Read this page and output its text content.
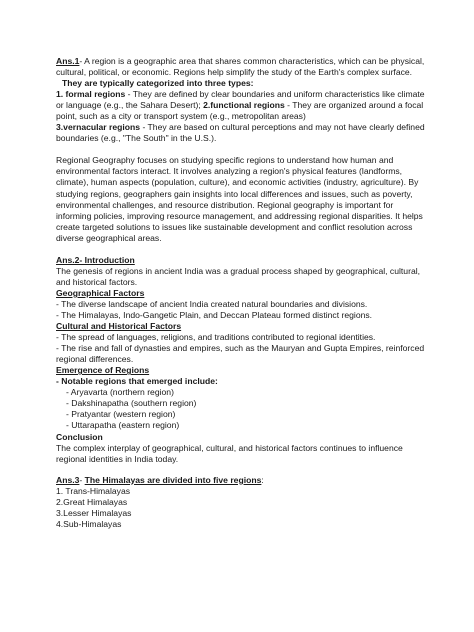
Ans.1- A region is a geographic area that shares common characteristics, which can be physical, cultural, political, or economic. Regions help simplify the study of the Earth's complex surface.

They are typically categorized into three types:

1. formal regions - They are defined by clear boundaries and uniform characteristics like climate or language (e.g., the Sahara Desert); 2.functional regions - They are organized around a focal point, such as a city or transport system (e.g., metropolitan areas)

3.vernacular regions - They are based on cultural perceptions and may not have clearly defined boundaries (e.g., "The South" in the U.S.).

Regional Geography focuses on studying specific regions to understand how human and environmental factors interact. It involves analyzing a region's physical features (landforms, climate), human aspects (population, culture), and economic activities (industry, agriculture). By studying regions, geographers gain insights into local differences and issues, such as poverty, environmental challenges, and resource distribution. Regional geography is important for informing policies, improving resource management, and addressing regional disparities. It helps create targeted solutions to issues like sustainable development and conflict resolution across diverse geographical areas.

Ans.2- Introduction

The genesis of regions in ancient India was a gradual process shaped by geographical, cultural, and historical factors.

Geographical Factors

- The diverse landscape of ancient India created natural boundaries and divisions.

- The Himalayas, Indo-Gangetic Plain, and Deccan Plateau formed distinct regions.

Cultural and Historical Factors

- The spread of languages, religions, and traditions contributed to regional identities.

- The rise and fall of dynasties and empires, such as the Mauryan and Gupta Empires, reinforced regional differences.

Emergence of Regions

- Notable regions that emerged include:

- Aryavarta (northern region)

- Dakshinapatha (southern region)

- Pratyantar (western region)

- Uttarapatha (eastern region)

Conclusion

The complex interplay of geographical, cultural, and historical factors continues to influence regional identities in India today.

Ans.3- The Himalayas are divided into five regions:

1. Trans-Himalayas

2.Great Himalayas

3.Lesser Himalayas

4.Sub-Himalayas
